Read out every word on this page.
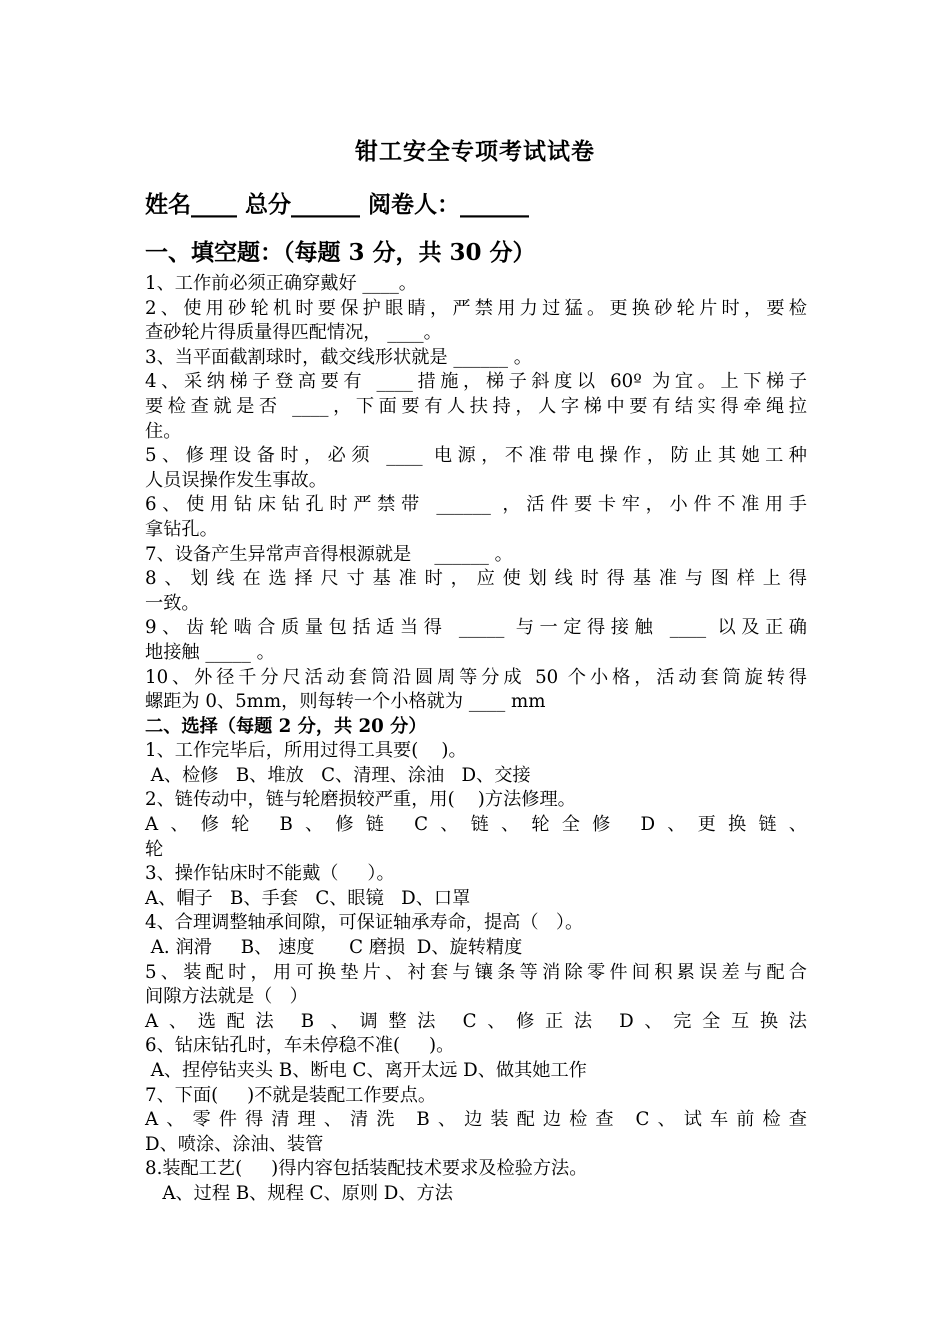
钳工安全专项考试试卷
姓名____ 总分______ 阅卷人：______
一、填空题：（每题 3 分，共 30 分）
1、工作前必须正确穿戴好 ____。
2、使用砂轮机时要保护眼睛，严禁用力过猛。更换砂轮片时，要检
查砂轮片得质量得匹配情况， ____。
3、当平面截割球时，截交线形状就是 ______ 。
4、采纳梯子登高要有 ____措施，梯子斜度以 60º 为宜。上下梯子
要检查就是否 ____，下面要有人扶持，人字梯中要有结实得牵绳拉
住。
5、修理设备时，必须 ____ 电源，不准带电操作，防止其她工种
人员误操作发生事故。
6、使用钻床钻孔时严禁带 ______ ，活件要卡牢，小件不准用手
拿钻孔。
7、设备产生异常声音得根源就是    ______ 。
8、划线在选择尺寸基准时，应使划线时得基准与图样上得
一致。
9、齿轮啮合质量包括适当得 _____ 与一定得接触 ____ 以及正确
地接触 _____ 。
10、外径千分尺活动套筒沿圆周等分成 50 个小格，活动套筒旋转得
螺距为 0、5mm，则每转一个小格就为 ____ mm
二、选择（每题 2 分，共 20 分）
1、工作完毕后，所用过得工具要(    )。
A、检修   B、堆放   C、清理、涂油   D、交接
2、链传动中，链与轮磨损较严重，用(    )方法修理。
A、修轮 B、修链 C、链、轮全修 D、更换链、
轮
3、操作钻床时不能戴（     ）。
A、帽子   B、手套   C、眼镜   D、口罩
4、合理调整轴承间隙，可保证轴承寿命，提高（   ）。
A. 润滑     B、 速度      C 磨损  D、旋转精度
5、装配时，用可换垫片、衬套与镶条等消除零件间积累误差与配合
间隙方法就是（   ）
A、选配法 B 、调整法 C、修正法 D、完全互换法
6、钻床钻孔时，车未停稳不准(     )。
A、捏停钻夹头 B、断电 C、离开太远 D、做其她工作
7、下面(     )不就是装配工作要点。
A、零件得清理、清洗 B、边装配边检查 C、试车前检查
D、喷涂、涂油、装管
8.装配工艺(     )得内容包括装配技术要求及检验方法。
A、过程 B、规程 C、原则 D、方法
